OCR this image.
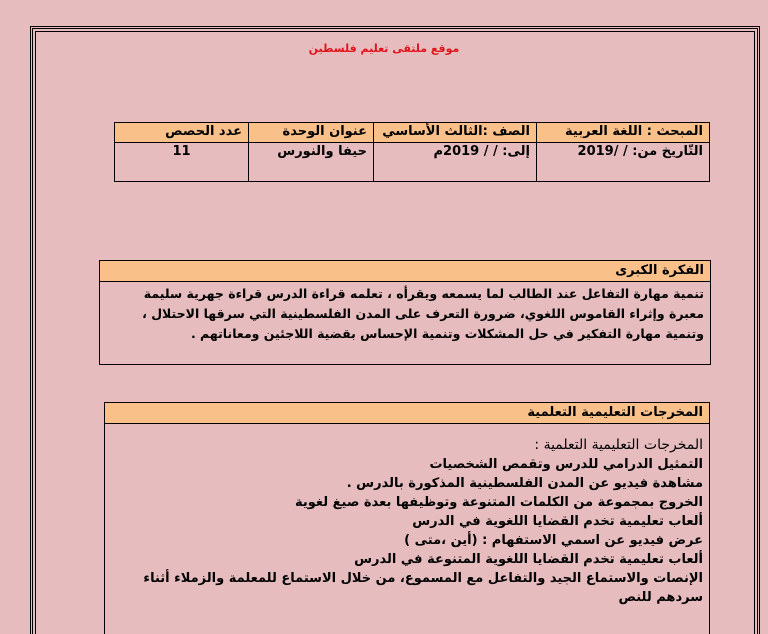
موقع ملتقى تعليم فلسطين
المبحث : اللغة العربية	الصف :الثالث الأساسي	عنوان الوحدة	عدد الحصص
التّاريخ من: / /2019	إلى: / / 2019م	حيفا والنورس	11
الفكرة الكبرى
تنمية مهارة التفاعل عند الطالب لما يسمعه ويقرأه ، تعلمه قراءة الدرس قراءة جهرية سليمة معبرة وإثراء القاموس اللغوي، ضرورة التعرف على المدن الفلسطينية التي سرقها الاحتلال ، وتنمية مهارة التفكير في حل المشكلات وتنمية الإحساس بقضية اللاجئين ومعاناتهم .
المخرجات التعليمية التعلمية
المخرجات التعليمية التعلمية :
التمثيل الدرامي للدرس وتقمص الشخصيات
مشاهدة فيديو عن المدن الفلسطينية المذكورة بالدرس .
الخروج بمجموعة من الكلمات المتنوعة وتوظيفها بعدة صيغ لغوية
ألعاب تعليمية تخدم القضايا اللغوية في الدرس
عرض فيديو عن اسمي الاستفهام : (أين ،متى )
ألعاب تعليمية تخدم القضايا اللغوية المتنوعة في الدرس
الإنصات والاستماع الجيد والتفاعل مع المسموع، من خلال الاستماع للمعلمة والزملاء أثناء سردهم للنص
